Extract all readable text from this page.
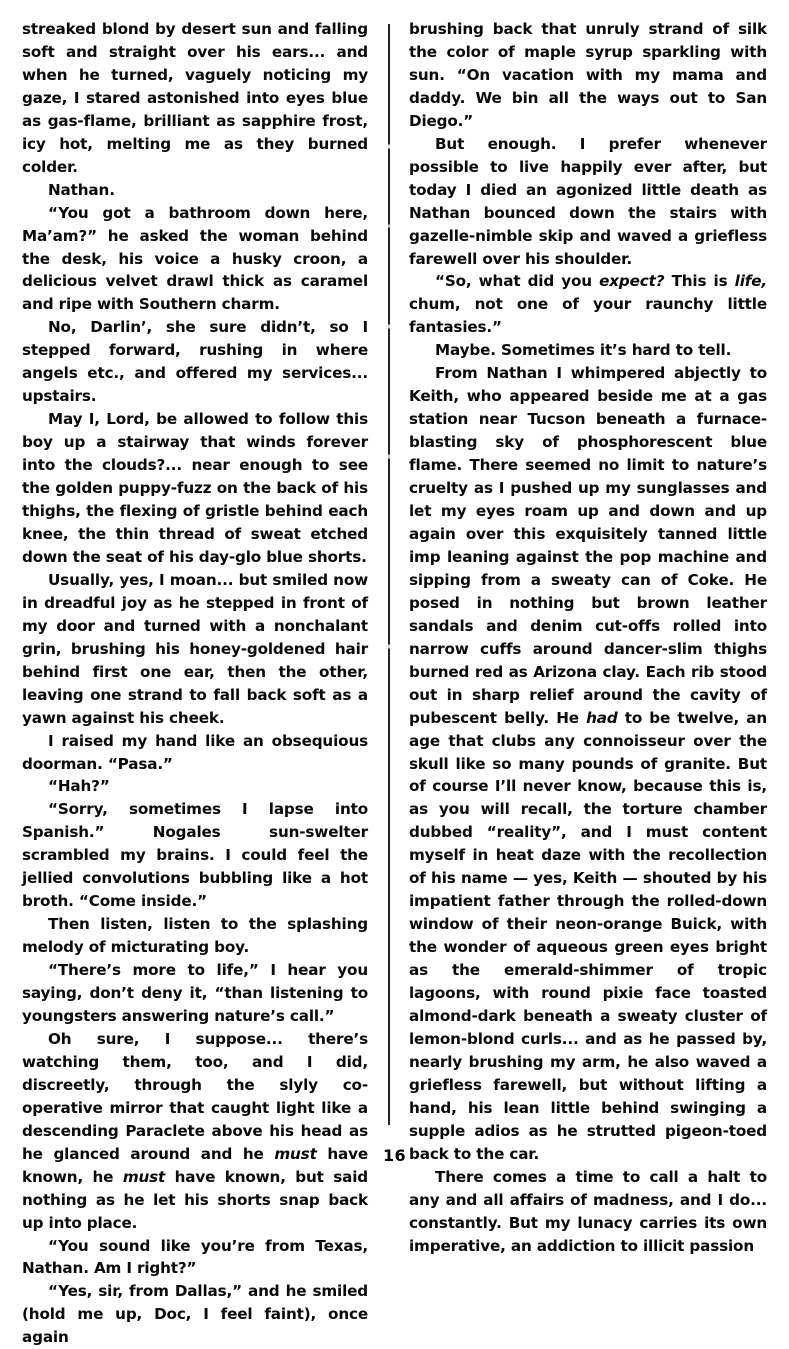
streaked blond by desert sun and falling soft and straight over his ears... and when he turned, vaguely noticing my gaze, I stared astonished into eyes blue as gas-flame, brilliant as sapphire frost, icy hot, melting me as they burned colder.

Nathan.

“You got a bathroom down here, Ma’am?” he asked the woman behind the desk, his voice a husky croon, a delicious velvet drawl thick as caramel and ripe with Southern charm.

No, Darlin’, she sure didn’t, so I stepped forward, rushing in where angels etc., and offered my services... upstairs.

May I, Lord, be allowed to follow this boy up a stairway that winds forever into the clouds?... near enough to see the golden puppy-fuzz on the back of his thighs, the flexing of gristle behind each knee, the thin thread of sweat etched down the seat of his day-glo blue shorts.

Usually, yes, I moan... but smiled now in dreadful joy as he stepped in front of my door and turned with a nonchalant grin, brushing his honey-goldened hair behind first one ear, then the other, leaving one strand to fall back soft as a yawn against his cheek.

I raised my hand like an obsequious doorman. “Pasa.”

“Hah?”

“Sorry, sometimes I lapse into Spanish.” Nogales sun-swelter scrambled my brains. I could feel the jellied convolutions bubbling like a hot broth. “Come inside.”

Then listen, listen to the splashing melody of micturating boy.

“There’s more to life,” I hear you saying, don’t deny it, “than listening to youngsters answering nature’s call.”

Oh sure, I suppose... there’s watching them, too, and I did, discreetly, through the slyly co-operative mirror that caught light like a descending Paraclete above his head as he glanced around and he must have known, he must have known, but said nothing as he let his shorts snap back up into place.

“You sound like you’re from Texas, Nathan. Am I right?”

“Yes, sir, from Dallas,” and he smiled (hold me up, Doc, I feel faint), once again

brushing back that unruly strand of silk the color of maple syrup sparkling with sun. “On vacation with my mama and daddy. We bin all the ways out to San Diego.”

But enough. I prefer whenever possible to live happily ever after, but today I died an agonized little death as Nathan bounced down the stairs with gazelle-nimble skip and waved a griefless farewell over his shoulder.

“So, what did you expect? This is life, chum, not one of your raunchy little fantasies.”

Maybe. Sometimes it’s hard to tell.

From Nathan I whimpered abjectly to Keith, who appeared beside me at a gas station near Tucson beneath a furnace-blasting sky of phosphorescent blue flame. There seemed no limit to nature’s cruelty as I pushed up my sunglasses and let my eyes roam up and down and up again over this exquisitely tanned little imp leaning against the pop machine and sipping from a sweaty can of Coke. He posed in nothing but brown leather sandals and denim cut-offs rolled into narrow cuffs around dancer-slim thighs burned red as Arizona clay. Each rib stood out in sharp relief around the cavity of pubescent belly. He had to be twelve, an age that clubs any connoisseur over the skull like so many pounds of granite. But of course I’ll never know, because this is, as you will recall, the torture chamber dubbed “reality”, and I must content myself in heat daze with the recollection of his name — yes, Keith — shouted by his impatient father through the rolled-down window of their neon-orange Buick, with the wonder of aqueous green eyes bright as the emerald-shimmer of tropic lagoons, with round pixie face toasted almond-dark beneath a sweaty cluster of lemon-blond curls... and as he passed by, nearly brushing my arm, he also waved a griefless farewell, but without lifting a hand, his lean little behind swinging a supple adios as he strutted pigeon-toed back to the car.

There comes a time to call a halt to any and all affairs of madness, and I do... constantly. But my lunacy carries its own imperative, an addiction to illicit passion

16
